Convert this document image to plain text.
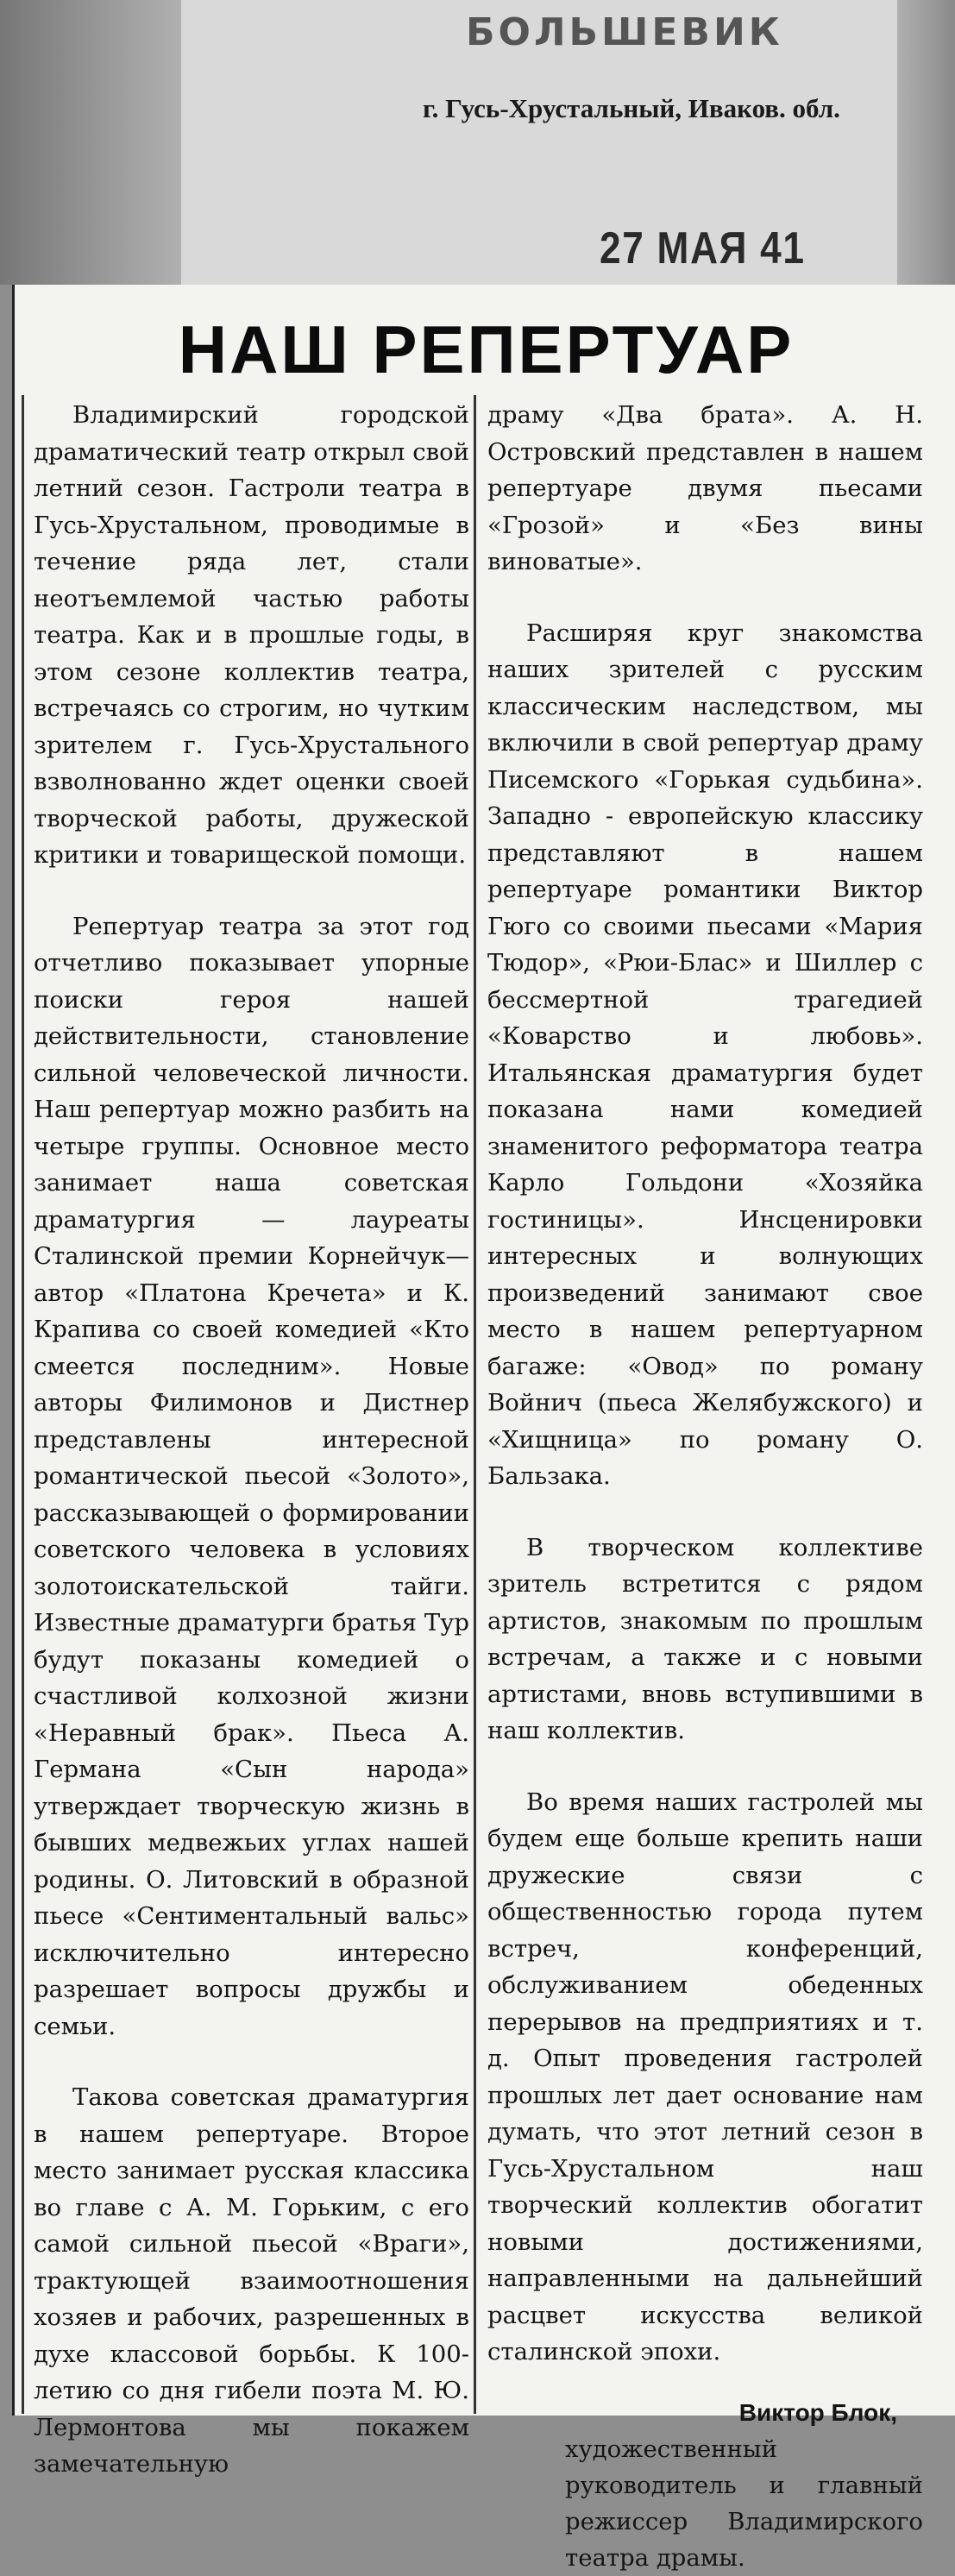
БОЛЬШЕВИК
г. Гусь-Хрустальный, Иваков. обл.
27 МАЯ 41
НАШ РЕПЕРТУАР

Владимирский городской драматический театр открыл свой летний сезон. Гастроли театра в Гусь-Хрустальном, проводимые в течение ряда лет, стали неотъемлемой частью работы театра. Как и в прошлые годы, в этом сезоне коллектив театра, встречаясь со строгим, но чутким зрителем г. Гусь-Хрустального взволнованно ждет оценки своей творческой работы, дружеской критики и товарищеской помощи.

Репертуар театра за этот год отчетливо показывает упорные поиски героя нашей действительности, становление сильной человеческой личности. Наш репертуар можно разбить на четыре группы. Основное место занимает наша советская драматургия — лауреаты Сталинской премии Корнейчук—автор «Платона Кречета» и К. Крапива со своей комедией «Кто смеется последним». Новые авторы Филимонов и Дистнер представлены интересной романтической пьесой «Золото», рассказывающей о формировании советского человека в условиях золотоискательской тайги. Известные драматурги братья Тур будут показаны комедией о счастливой колхозной жизни «Неравный брак». Пьеса А. Германа «Сын народа» утверждает творческую жизнь в бывших медвежьих углах нашей родины. О. Литовский в образной пьесе «Сентиментальный вальс» исключительно интересно разрешает вопросы дружбы и семьи.

Такова советская драматургия в нашем репертуаре. Второе место занимает русская классика во главе с А. М. Горьким, с его самой сильной пьесой «Враги», трактующей взаимоотношения хозяев и рабочих, разрешенных в духе классовой борьбы. К 100-летию со дня гибели поэта М. Ю. Лермонтова мы покажем замечательную

драму «Два брата». А. Н. Островский представлен в нашем репертуаре двумя пьесами «Грозой» и «Без вины виноватые».

Расширяя круг знакомства наших зрителей с русским классическим наследством, мы включили в свой репертуар драму Писемского «Горькая судьбина». Западно - европейскую классику представляют в нашем репертуаре романтики Виктор Гюго со своими пьесами «Мария Тюдор», «Рюи-Блас» и Шиллер с бессмертной трагедией «Коварство и любовь». Итальянская драматургия будет показана нами комедией знаменитого реформатора театра Карло Гольдони «Хозяйка гостиницы». Инсценировки интересных и волнующих произведений занимают свое место в нашем репертуарном багаже: «Овод» по роману Войнич (пьеса Желябужского) и «Хищница» по роману О. Бальзака.

В творческом коллективе зритель встретится с рядом артистов, знакомым по прошлым встречам, а также и с новыми артистами, вновь вступившими в наш коллектив.

Во время наших гастролей мы будем еще больше крепить наши дружеские связи с общественностью города путем встреч, конференций, обслуживанием обеденных перерывов на предприятиях и т. д. Опыт проведения гастролей прошлых лет дает основание нам думать, что этот летний сезон в Гусь-Хрустальном наш творческий коллектив обогатит новыми достижениями, направленными на дальнейший расцвет искусства великой сталинской эпохи.

Виктор Блок,
художественный руководитель и главный режиссер Владимирского театра драмы.
